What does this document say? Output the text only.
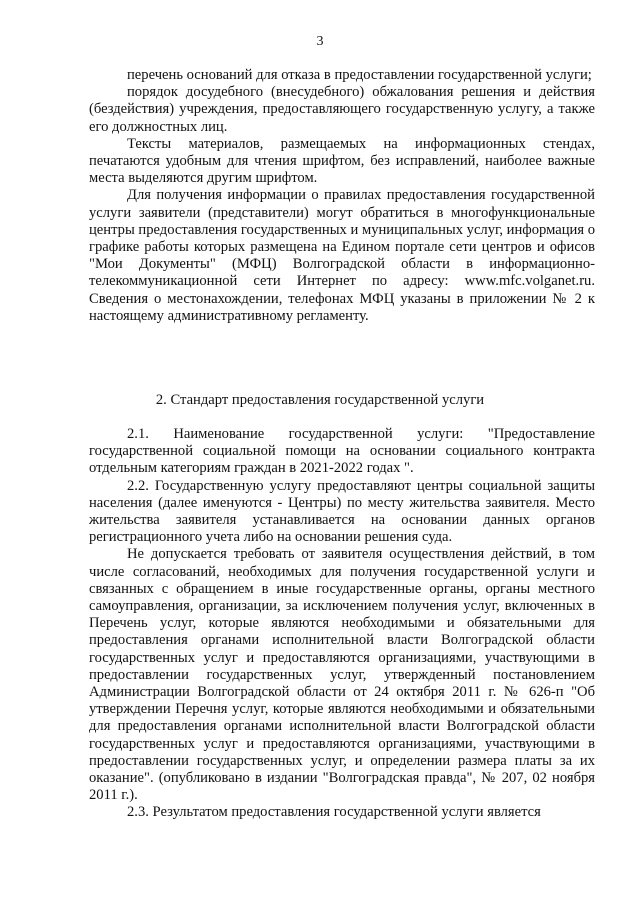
3

перечень оснований для отказа в предоставлении государственной услуги;

порядок досудебного (внесудебного) обжалования решения и действия (бездействия) учреждения, предоставляющего государственную услугу, а также его должностных лиц.

Тексты материалов, размещаемых на информационных стендах, печатаются удобным для чтения шрифтом, без исправлений, наиболее важные места выделяются другим шрифтом.

Для получения информации о правилах предоставления государственной услуги заявители (представители) могут обратиться в многофункциональные центры предоставления государственных и муниципальных услуг, информация о графике работы которых размещена на Едином портале сети центров и офисов "Мои Документы" (МФЦ) Волгоградской области в информационно-телекоммуникационной сети Интернет по адресу: www.mfc.volganet.ru. Сведения о местонахождении, телефонах МФЦ указаны в приложении № 2 к настоящему административному регламенту.

2. Стандарт предоставления государственной услуги

2.1. Наименование государственной услуги: "Предоставление государственной социальной помощи на основании социального контракта отдельным категориям граждан в 2021-2022 годах ".

2.2. Государственную услугу предоставляют центры социальной защиты населения (далее именуются - Центры) по месту жительства заявителя. Место жительства заявителя устанавливается на основании данных органов регистрационного учета либо на основании решения суда.

Не допускается требовать от заявителя осуществления действий, в том числе согласований, необходимых для получения государственной услуги и связанных с обращением в иные государственные органы, органы местного самоуправления, организации, за исключением получения услуг, включенных в Перечень услуг, которые являются необходимыми и обязательными для предоставления органами исполнительной власти Волгоградской области государственных услуг и предоставляются организациями, участвующими в предоставлении государственных услуг, утвержденный постановлением Администрации Волгоградской области от 24 октября 2011 г. № 626-п "Об утверждении Перечня услуг, которые являются необходимыми и обязательными для предоставления органами исполнительной власти Волгоградской области государственных услуг и предоставляются организациями, участвующими в предоставлении государственных услуг, и определении размера платы за их оказание". (опубликовано в издании "Волгоградская правда", № 207, 02 ноября 2011 г.).

2.3. Результатом предоставления государственной услуги является
